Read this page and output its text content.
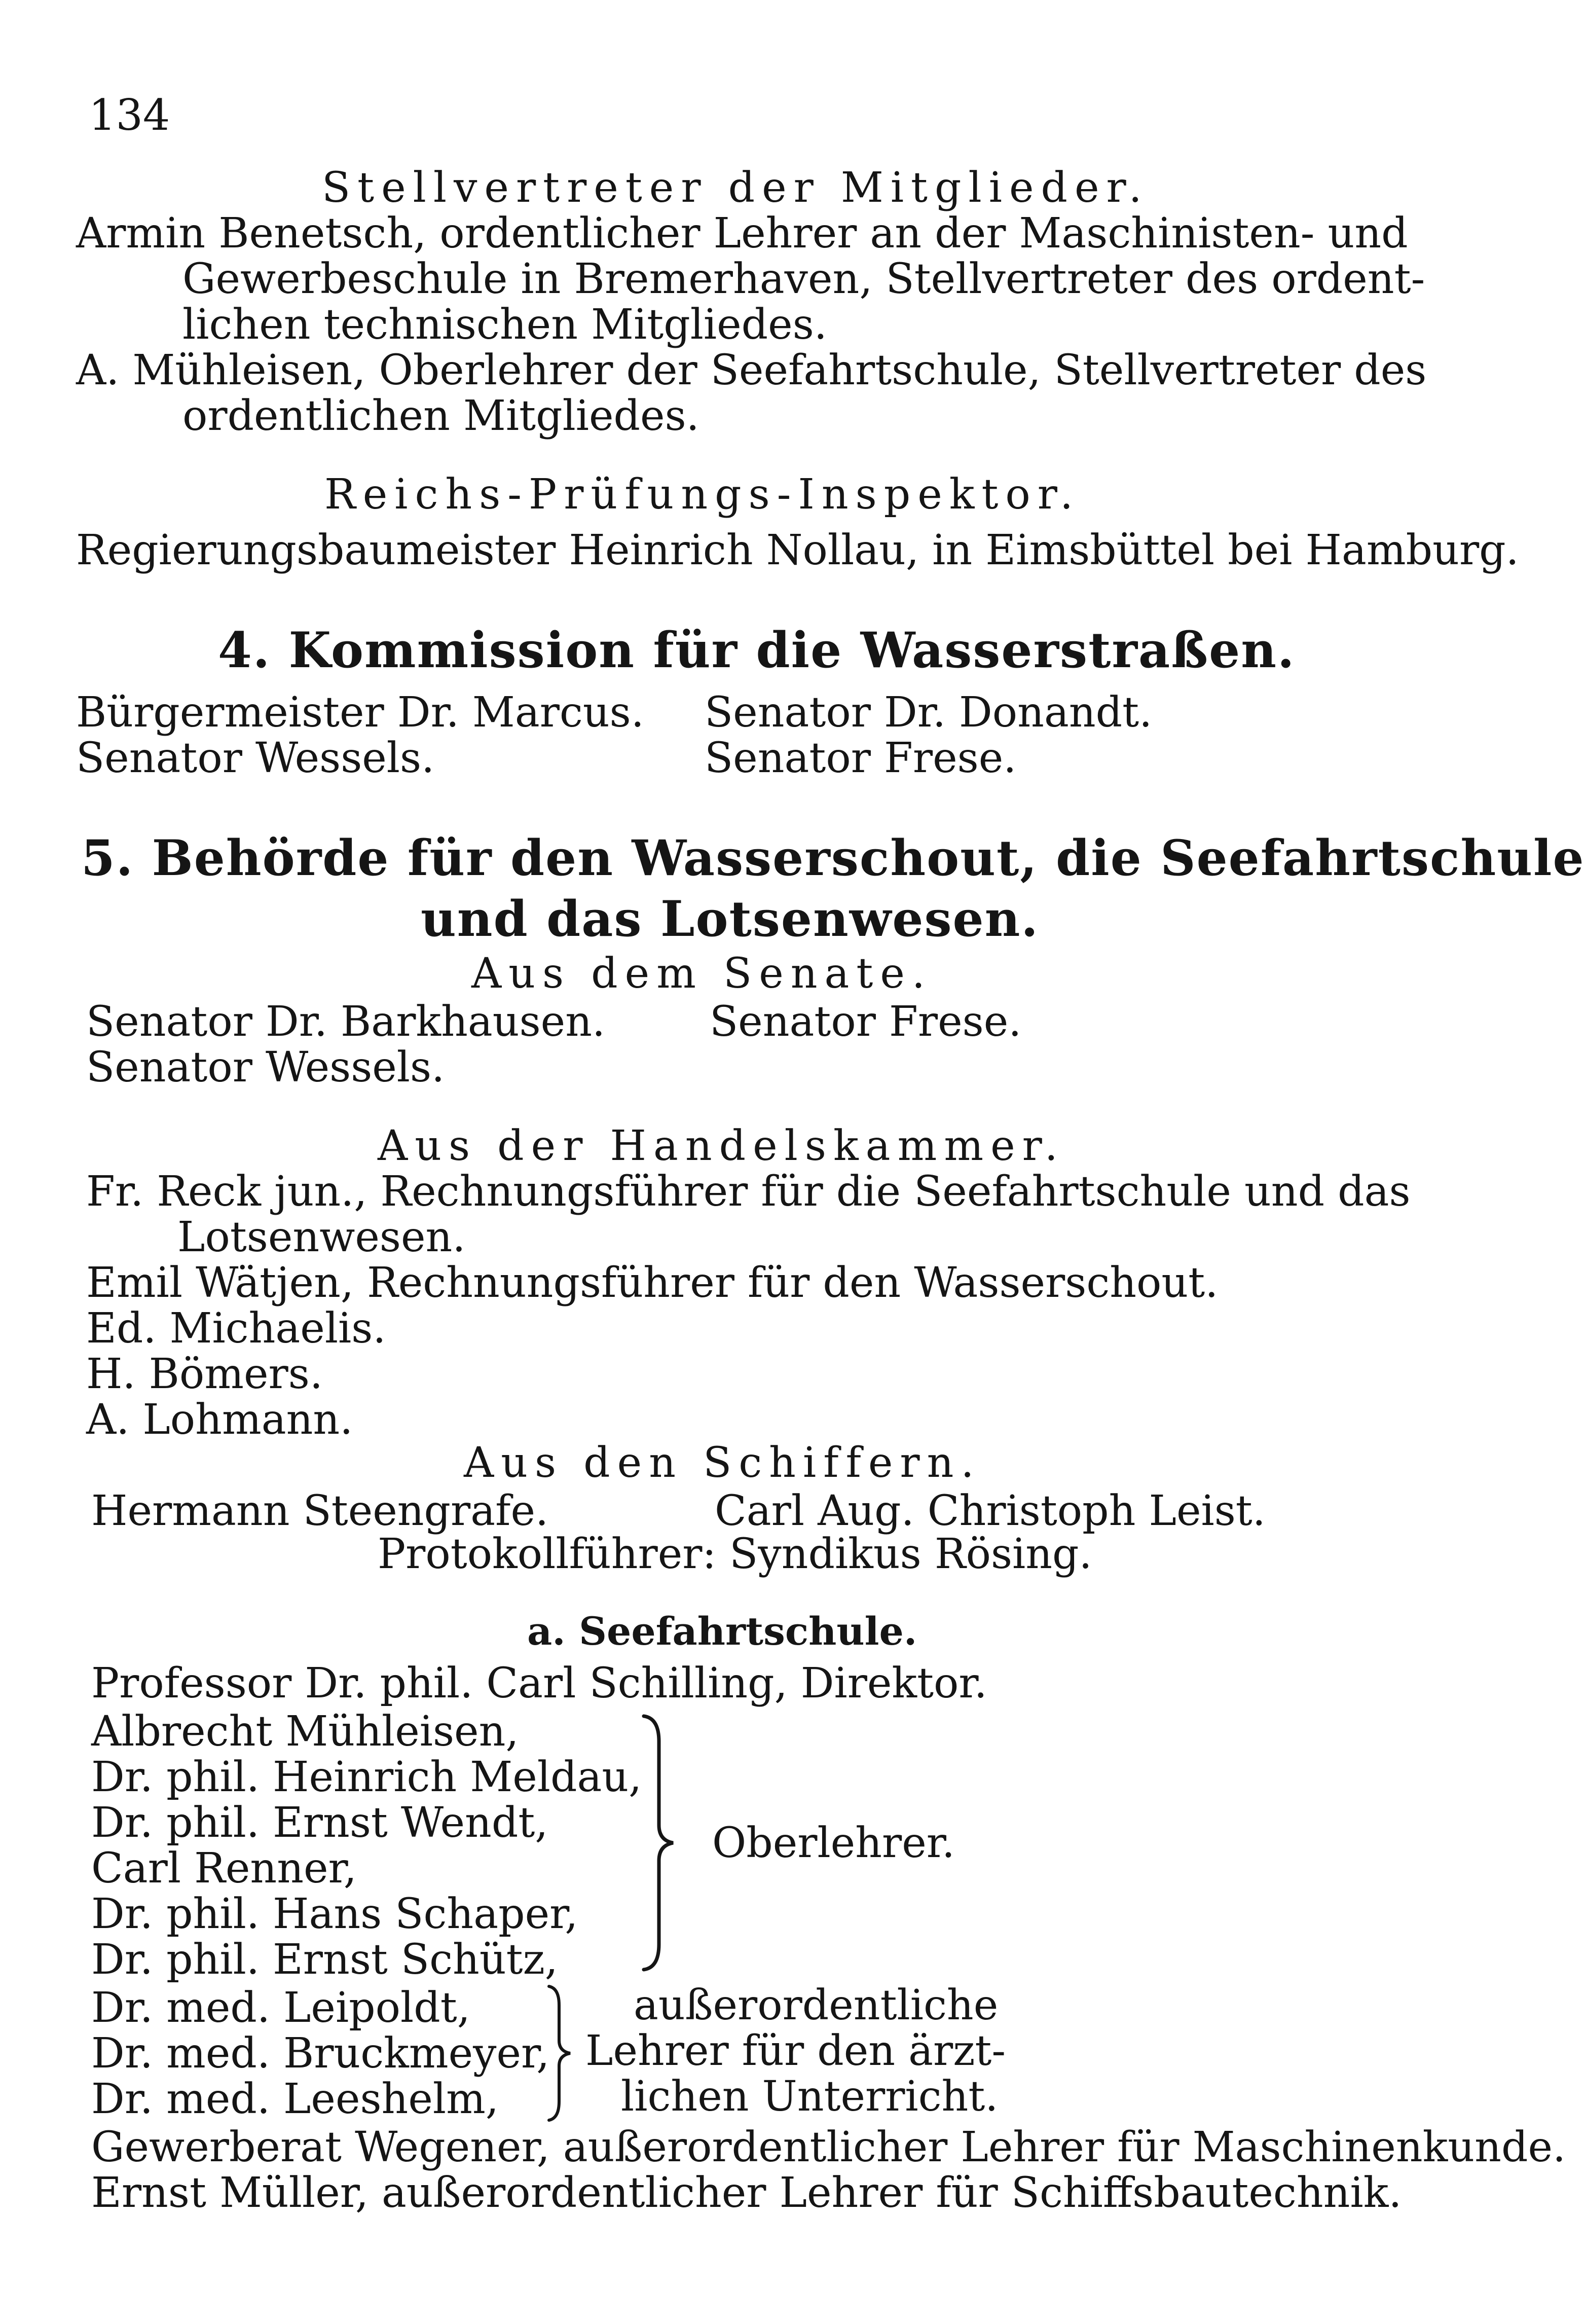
134
Stellvertreter der Mitglieder.
Armin Benetsch, ordentlicher Lehrer an der Maschinisten- und
Gewerbeschule in Bremerhaven, Stellvertreter des ordent-
lichen technischen Mitgliedes.
A. Mühleisen, Oberlehrer der Seefahrtschule, Stellvertreter des
ordentlichen Mitgliedes.
Reichs-Prüfungs-Inspektor.
Regierungsbaumeister Heinrich Nollau, in Eimsbüttel bei Hamburg.
4. Kommission für die Wasserstraßen.
Bürgermeister Dr. Marcus. Senator Dr. Donandt.
Senator Wessels.	Senator Frese.
5. Behörde für den Wasserschout, die Seefahrtschule
und das Lotsenwesen.
Aus dem Senate.
Senator Dr. Barkhausen.	Senator Frese.
Senator Wessels.
Aus der Handelskammer.
Fr. Reck jun., Rechnungsführer für die Seefahrtschule und das
Lotsenwesen.
Emil Wätjen, Rechnungsführer für den Wasserschout.
Ed. Michaelis.
H. Bömers.
A. Lohmann.
Aus den Schiffern.
Hermann Steengrafe.	Carl Aug. Christoph Leist.
Protokollführer: Syndikus Rösing.
a. Seefahrtschule.
Professor Dr. phil. Carl Schilling, Direktor.
Albrecht Mühleisen,
Dr. phil. Heinrich Meldau,
Dr. phil. Ernst Wendt,
Carl Renner,
Dr. phil. Hans Schaper,
Dr. phil. Ernst Schütz,
Oberlehrer.
Dr. med. Leipoldt,
Dr. med. Bruckmeyer,
Dr. med. Leeshelm,
außerordentliche
Lehrer für den ärzt-
lichen Unterricht.
Gewerberat Wegener, außerordentlicher Lehrer für Maschinenkunde.
Ernst Müller, außerordentlicher Lehrer für Schiffsbautechnik.
